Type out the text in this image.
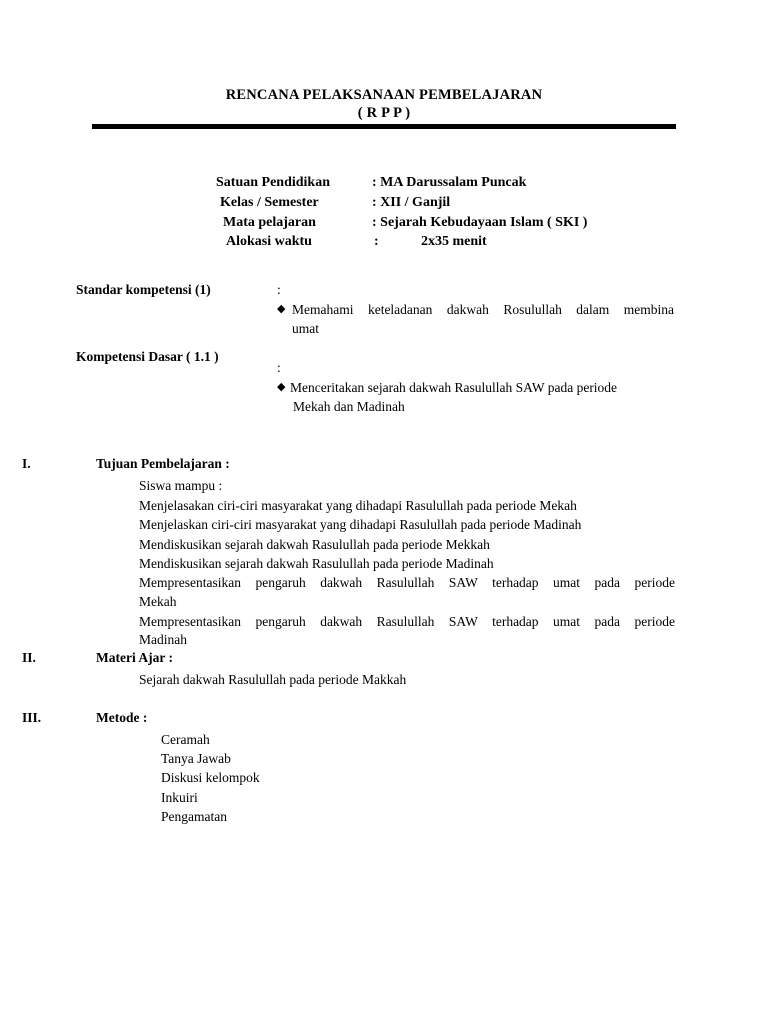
RENCANA PELAKSANAAN PEMBELAJARAN
( R P P )
Satuan Pendidikan	: MA Darussalam Puncak
Kelas / Semester	: XII / Ganjil
Mata pelajaran	: Sejarah Kebudayaan Islam ( SKI )
Alokasi waktu	:	2x35 menit
Standar kompetensi (1)	:
◆ Memahami keteladanan dakwah Rosulullah dalam membina
umat
Kompetensi Dasar ( 1.1 )
:
◆ Menceritakan sejarah dakwah Rasulullah SAW pada periode
Mekah dan Madinah
I.	Tujuan Pembelajaran :
Siswa mampu :
Menjelasakan ciri-ciri masyarakat yang dihadapi Rasulullah pada periode Mekah
Menjelaskan ciri-ciri masyarakat yang dihadapi Rasulullah pada periode Madinah
Mendiskusikan sejarah dakwah Rasulullah pada periode Mekkah
Mendiskusikan sejarah dakwah Rasulullah pada periode Madinah
Mempresentasikan pengaruh dakwah Rasulullah SAW terhadap umat pada periode
Mekah
Mempresentasikan pengaruh dakwah Rasulullah SAW terhadap umat pada periode
Madinah
II.	Materi Ajar :
Sejarah dakwah Rasulullah pada periode Makkah
III.	Metode :
Ceramah
Tanya Jawab
Diskusi kelompok
Inkuiri
Pengamatan
